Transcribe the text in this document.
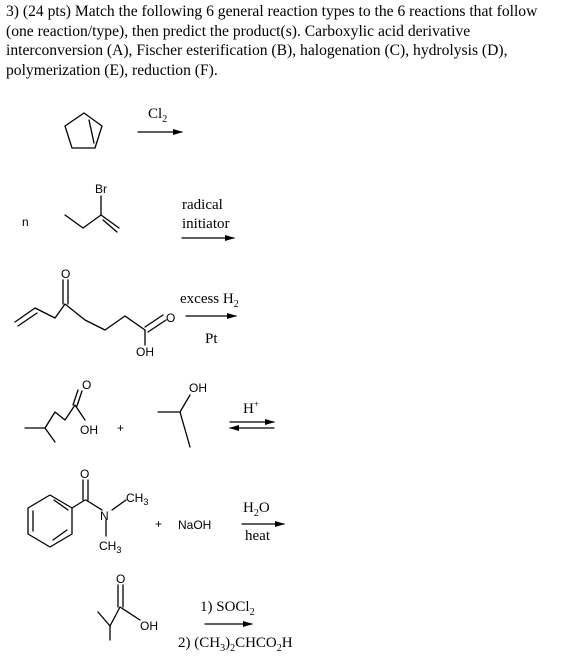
3) (24 pts) Match the following 6 general reaction types to the 6 reactions that follow
(one reaction/type), then predict the product(s). Carboxylic acid derivative
interconversion (A), Fischer esterification (B), halogenation (C), hydrolysis (D),
polymerization (E), reduction (F).
$Cl_2$
n
Br
radical
initiator
O
O
OH
excess $H_2$
Pt
O
OH +
OH
H+
O
N
$CH_3$
$CH_3$
+ NaOH
$H_2O$
heat
O
OH
1) SOCl$_2$
2) $(CH_3)_2CHCO_2H$
